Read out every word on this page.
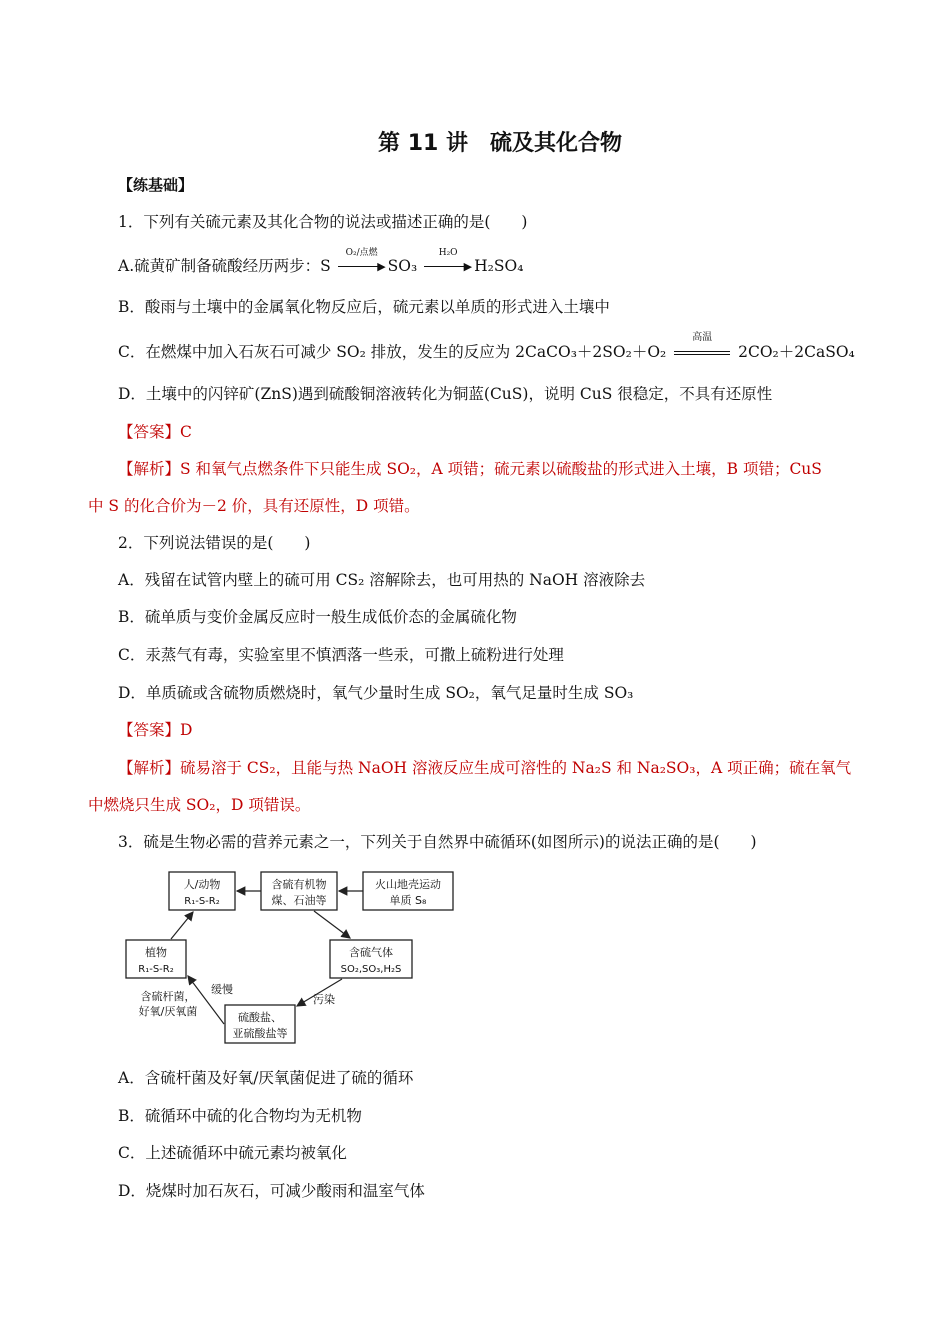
第 11 讲　硫及其化合物
【练基础】
1．下列有关硫元素及其化合物的说法或描述正确的是(　　)
A.硫黄矿制备硫酸经历两步：S
O₂/点燃
▶ SO₃
H₂O
▶ H₂SO₄
B．酸雨与土壤中的金属氧化物反应后，硫元素以单质的形式进入土壤中
C．在燃煤中加入石灰石可减少 SO₂ 排放，发生的反应为 2CaCO₃＋2SO₂＋O₂
高温
2CO₂＋2CaSO₄
D．土壤中的闪锌矿(ZnS)遇到硫酸铜溶液转化为铜蓝(CuS)，说明 CuS 很稳定，不具有还原性
【答案】C
【解析】S 和氧气点燃条件下只能生成 SO₂，A 项错；硫元素以硫酸盐的形式进入土壤，B 项错；CuS
中 S 的化合价为－2 价，具有还原性，D 项错。
2．下列说法错误的是(　　)
A．残留在试管内壁上的硫可用 CS₂ 溶解除去，也可用热的 NaOH 溶液除去
B．硫单质与变价金属反应时一般生成低价态的金属硫化物
C．汞蒸气有毒，实验室里不慎洒落一些汞，可撒上硫粉进行处理
D．单质硫或含硫物质燃烧时，氧气少量时生成 SO₂，氧气足量时生成 SO₃
【答案】D
【解析】硫易溶于 CS₂，且能与热 NaOH 溶液反应生成可溶性的 Na₂S 和 Na₂SO₃，A 项正确；硫在氧气
中燃烧只生成 SO₂，D 项错误。
3．硫是生物必需的营养元素之一，下列关于自然界中硫循环(如图所示)的说法正确的是(　　)
人/动物
R₁-S-R₂
含硫有机物
煤、石油等
火山地壳运动
单质 S₈
植物
R₁-S-R₂
含硫气体
SO₂,SO₃,H₂S
硫酸盐、
亚硫酸盐等
缓慢
含硫杆菌，
好氧/厌氧菌
污染
A．含硫杆菌及好氧/厌氧菌促进了硫的循环
B．硫循环中硫的化合物均为无机物
C．上述硫循环中硫元素均被氧化
D．烧煤时加石灰石，可减少酸雨和温室气体
